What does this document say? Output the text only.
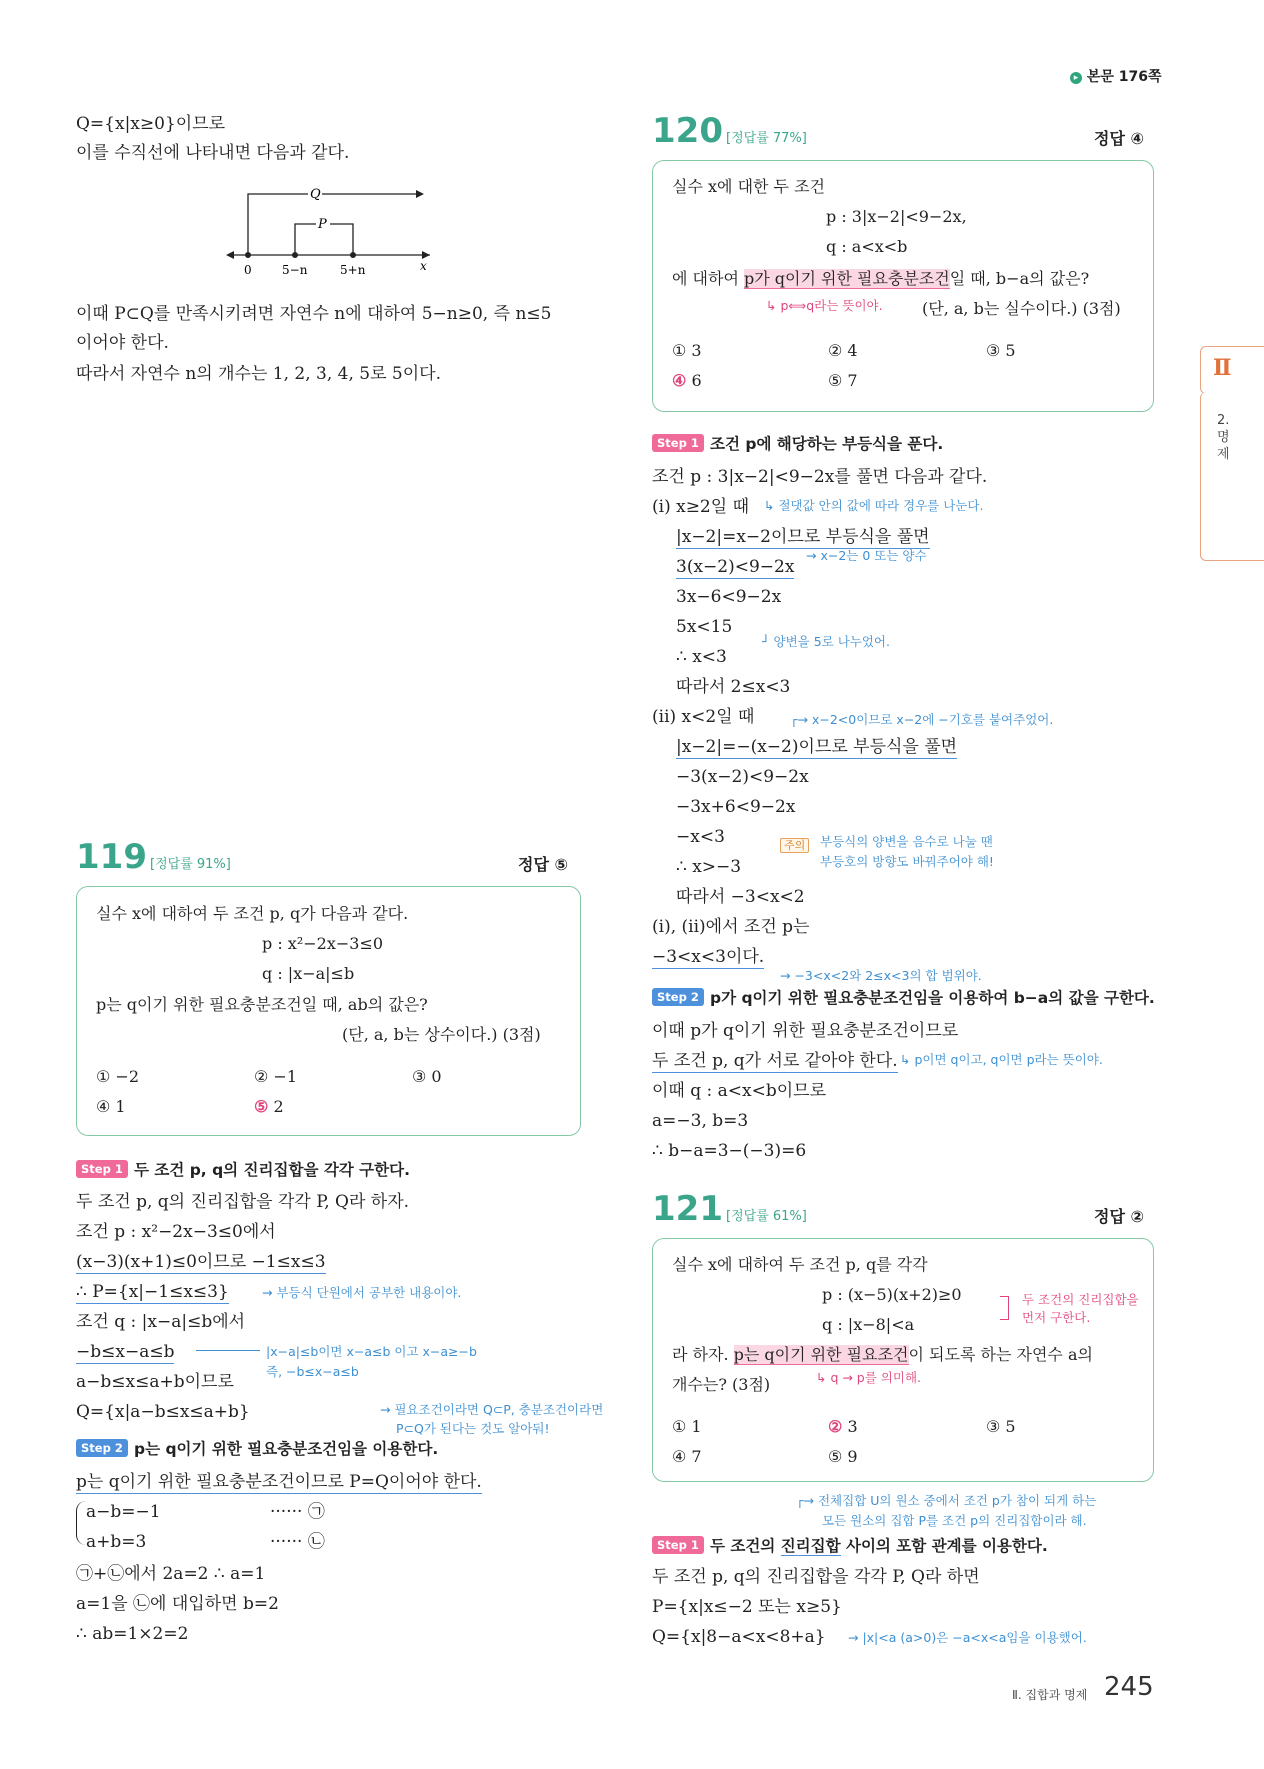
▸ 본문 176쪽
Ⅱ
2.
명
제
Q={x|x≥0}이므로
이를 수직선에 나타내면 다음과 같다.
Q
P
0	5−n	5+n	x
이때 P⊂Q를 만족시키려면 자연수 n에 대하여 5−n≥0, 즉 n≤5
이어야 한다.
따라서 자연수 n의 개수는 1, 2, 3, 4, 5로 5이다.
119 [정답률 91%]	정답 ⑤
실수 x에 대하여 두 조건 p, q가 다음과 같다.
p : x²−2x−3≤0
q : |x−a|≤b
p는 q이기 위한 필요충분조건일 때, ab의 값은?
(단, a, b는 상수이다.) (3점)
① −2	② −1	③ 0
④ 1	⑤ 2
Step 1 두 조건 p, q의 진리집합을 각각 구한다.
두 조건 p, q의 진리집합을 각각 P, Q라 하자.
조건 p : x²−2x−3≤0에서
(x−3)(x+1)≤0이므로 −1≤x≤3
∴ P={x|−1≤x≤3}	→ 부등식 단원에서 공부한 내용이야.
조건 q : |x−a|≤b에서
−b≤x−a≤b	|x−a|≤b이면 x−a≤b 이고 x−a≥−b
즉, −b≤x−a≤b
a−b≤x≤a+b이므로
Q={x|a−b≤x≤a+b}	→ 필요조건이라면 Q⊂P, 충분조건이라면
P⊂Q가 된다는 것도 알아둬!
Step 2 p는 q이기 위한 필요충분조건임을 이용한다.
p는 q이기 위한 필요충분조건이므로 P=Q이어야 한다.
a−b=−1	······ ㉠
a+b=3	······ ㉡
㉠+㉡에서 2a=2 ∴ a=1
a=1을 ㉡에 대입하면 b=2
∴ ab=1×2=2
120 [정답률 77%]	정답 ④
실수 x에 대한 두 조건
p : 3|x−2|<9−2x,
q : a<x<b
에 대하여 p가 q이기 위한 필요충분조건일 때, b−a의 값은?
↳ p⟺q라는 뜻이야. (단, a, b는 실수이다.) (3점)
① 3	② 4	③ 5
④ 6	⑤ 7
Step 1 조건 p에 해당하는 부등식을 푼다.
조건 p : 3|x−2|<9−2x를 풀면 다음과 같다.
(i) x≥2일 때 ↳ 절댓값 안의 값에 따라 경우를 나눈다.
|x−2|=x−2이므로 부등식을 풀면
→ x−2는 0 또는 양수
3(x−2)<9−2x
3x−6<9−2x
5x<15
┘ 양변을 5로 나누었어.
∴ x<3
따라서 2≤x<3
(ii) x<2일 때	┌→ x−2<0이므로 x−2에 −기호를 붙여주었어.
|x−2|=−(x−2)이므로 부등식을 풀면
−3(x−2)<9−2x
−3x+6<9−2x
−x<3	주의	부등식의 양변을 음수로 나눌 땐
부등호의 방향도 바꿔주어야 해!
∴ x>−3
따라서 −3<x<2
(i), (ii)에서 조건 p는
−3<x<3이다.
→ −3<x<2와 2≤x<3의 합 범위야.
Step 2 p가 q이기 위한 필요충분조건임을 이용하여 b−a의 값을 구한다.
이때 p가 q이기 위한 필요충분조건이므로
두 조건 p, q가 서로 같아야 한다. ↳ p이면 q이고, q이면 p라는 뜻이야.
이때 q : a<x<b이므로
a=−3, b=3
∴ b−a=3−(−3)=6
121 [정답률 61%]	정답 ②
실수 x에 대하여 두 조건 p, q를 각각
p : (x−5)(x+2)≥0
q : |x−8|<a
두 조건의 진리집합을
먼저 구한다.
라 하자. p는 q이기 위한 필요조건이 되도록 하는 자연수 a의
↳ q → p를 의미해.
개수는? (3점)
① 1	② 3	③ 5
④ 7	⑤ 9
┌→ 전체집합 U의 원소 중에서 조건 p가 참이 되게 하는
모든 원소의 집합 P를 조건 p의 진리집합이라 해.
Step 1 두 조건의 진리집합 사이의 포함 관계를 이용한다.
두 조건 p, q의 진리집합을 각각 P, Q라 하면
P={x|x≤−2 또는 x≥5}
Q={x|8−a<x<8+a} → |x|<a (a>0)은 −a<x<a임을 이용했어.
Ⅱ. 집합과 명제 245
